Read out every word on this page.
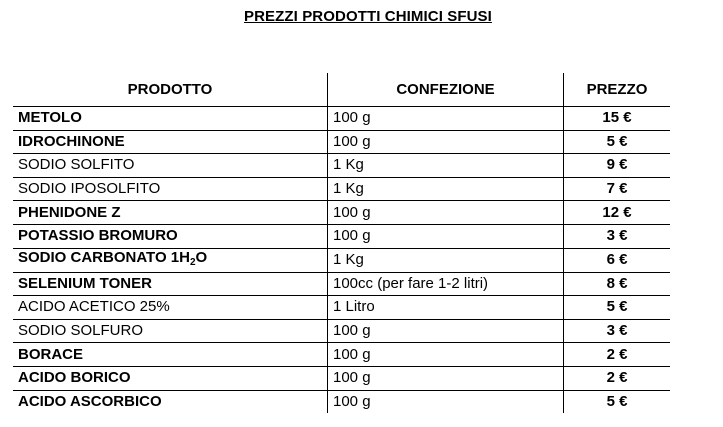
PREZZI PRODOTTI CHIMICI SFUSI
PRODOTTO	CONFEZIONE	PREZZO
METOLO	100 g	15 €
IDROCHINONE	100 g	5 €
SODIO SOLFITO	1 Kg	9 €
SODIO IPOSOLFITO	1 Kg	7 €
PHENIDONE Z	100 g	12 €
POTASSIO BROMURO	100 g	3 €
SODIO CARBONATO $1H_2O$	1 Kg	6 €
SELENIUM TONER	100cc (per fare 1-2 litri)	8 €
ACIDO ACETICO 25%	1 Litro	5 €
SODIO SOLFURO	100 g	3 €
BORACE	100 g	2 €
ACIDO BORICO	100 g	2 €
ACIDO ASCORBICO	100 g	5 €
